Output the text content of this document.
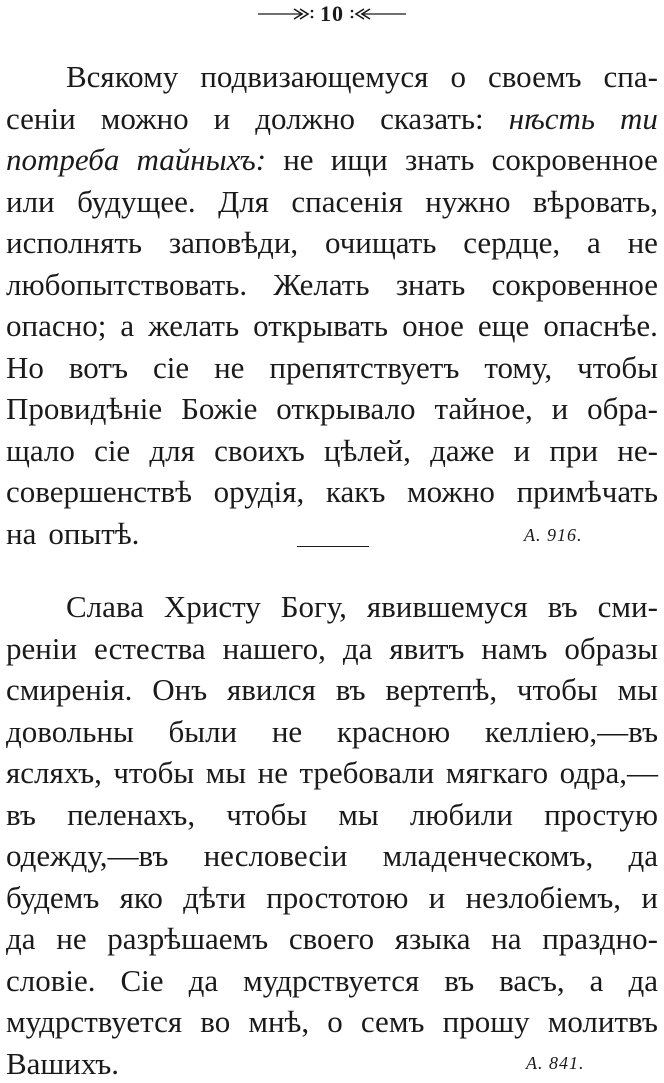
10
Всякому подвизающемуся о своемъ спа-
сеніи можно и должно сказать: нѣсть ти
потреба тайныхъ: не ищи знать сокровенное
или будущее. Для спасенія нужно вѣровать,
исполнять заповѣди, очищать сердце, а не
любопытствовать. Желать знать сокровенное
опасно; а желать открывать оное еще опаснѣе.
Но вотъ сіе не препятствуетъ тому, чтобы
Провидѣніе Божіе открывало тайное, и обра-
щало сіе для своихъ цѣлей, даже и при не-
совершенствѣ орудія, какъ можно примѣчать
на опытѣ.	А. 916.
Слава Христу Богу, явившемуся въ сми-
реніи естества нашего, да явитъ намъ образы
смиренія. Онъ явился въ вертепѣ, чтобы мы
довольны были не красною келліею,—въ
ясляхъ, чтобы мы не требовали мягкаго одра,—
въ пеленахъ, чтобы мы любили простую
одежду,—въ несловесіи младенческомъ, да
будемъ яко дѣти простотою и незлобіемъ, и
да не разрѣшаемъ своего языка на праздно-
словіе. Сіе да мудрствуется въ васъ, а да
мудрствуется во мнѣ, о семъ прошу молитвъ
Вашихъ.	А. 841.
